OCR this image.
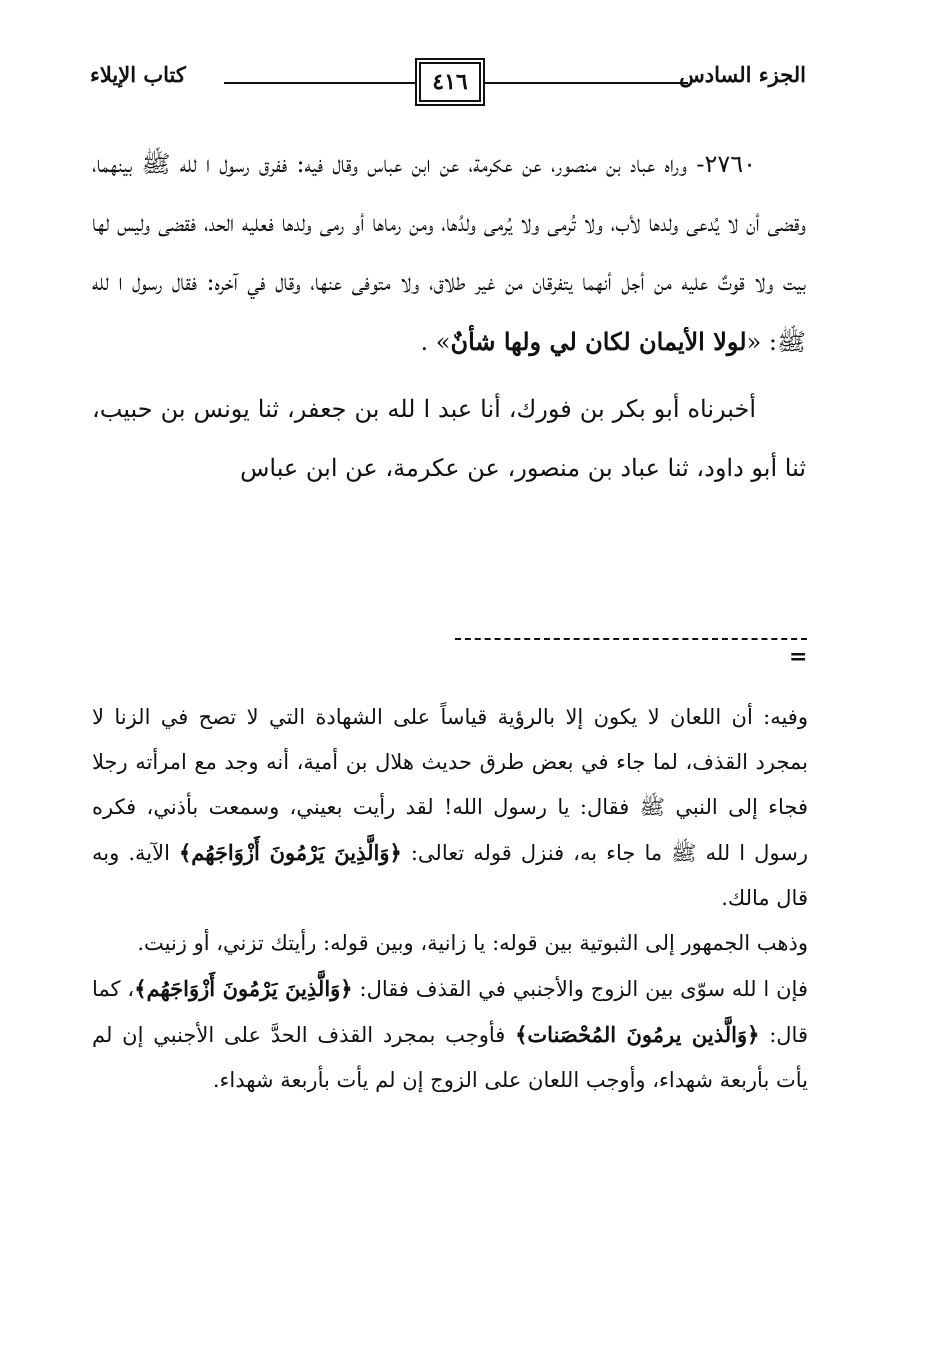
الجزء السادس
٤١٦
كتاب الإيلاء

٢٧٦٠- وراه عباد بن منصور، عن عكرمة، عن ابن عباس وقال فيه: ففرق رسول ا لله ﷺ بينهما، وقضى أن لا يُدعى ولدها لأب، ولا تُرمى ولا يُرمى ولدُها، ومن رماها أو رمى ولدها فعليه الحد، فقضى وليس لها بيت ولا قوتٌ عليه من أجل أنهما يتفرقان من غير طلاق، ولا متوفى عنها، وقال في آخره: فقال رسول ا لله ﷺ: «لولا الأيمان لكان لي ولها شأنٌ» .

أخبرناه أبو بكر بن فورك، أنا عبد ا لله بن جعفر، ثنا يونس بن حبيب، ثنا أبو داود، ثنا عباد بن منصور، عن عكرمة، عن ابن عباس

=

وفيه: أن اللعان لا يكون إلا بالرؤية قياساً على الشهادة التي لا تصح في الزنا لا بمجرد القذف، لما جاء في بعض طرق حديث هلال بن أمية، أنه وجد مع امرأته رجلا فجاء إلى النبي ﷺ فقال: يا رسول الله! لقد رأيت بعيني، وسمعت بأذني، فكره رسول ا لله ﷺ ما جاء به، فنزل قوله تعالى: ﴿وَالَّذِينَ يَرْمُونَ أَزْوَاجَهُم﴾ الآية. وبه قال مالك.

وذهب الجمهور إلى الثبوتية بين قوله: يا زانية، وبين قوله: رأيتك تزني، أو زنيت.

فإن ا لله سوّى بين الزوج والأجنبي في القذف فقال: ﴿وَالَّذِينَ يَرْمُونَ أَزْوَاجَهُم﴾، كما قال: ﴿وَالَّذين يرمُونَ المُحْصَنات﴾ فأوجب بمجرد القذف الحدَّ على الأجنبي إن لم يأت بأربعة شهداء، وأوجب اللعان على الزوج إن لم يأت بأربعة شهداء.
